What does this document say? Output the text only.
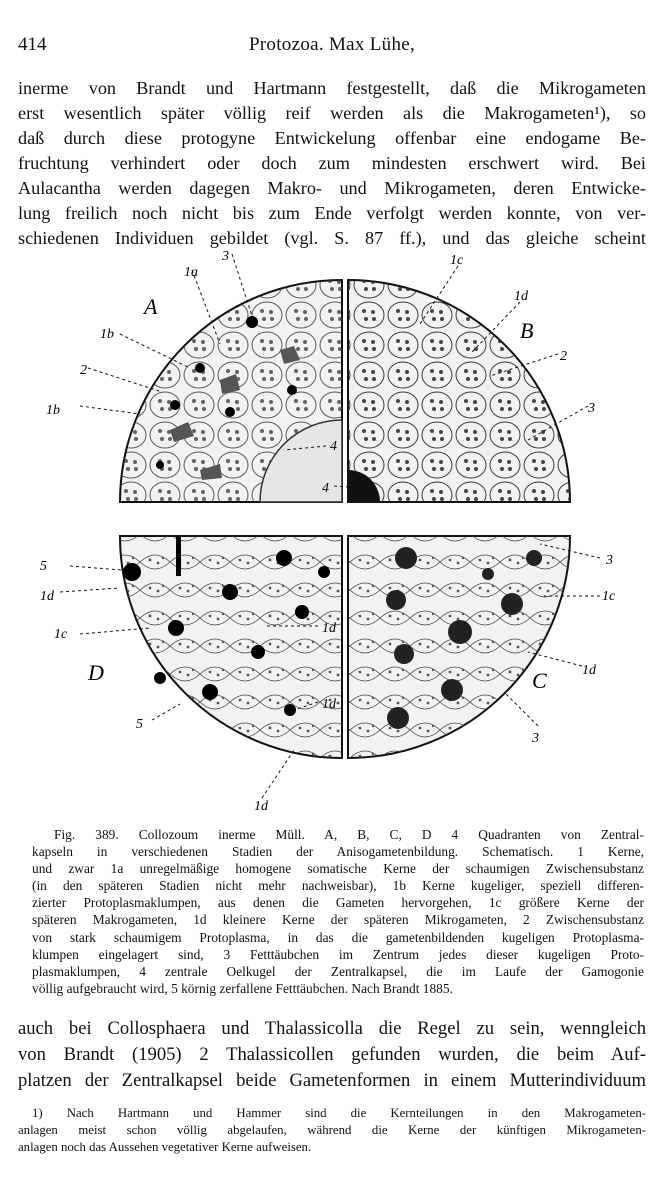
414	Protozoa. Max Lühe,
inerme von Brandt und Hartmann festgestellt, daß die Mikrogameten
erst wesentlich später völlig reif werden als die Makrogameten¹), so
daß durch diese protogyne Entwickelung offenbar eine endogame Be-
fruchtung verhindert oder doch zum mindesten erschwert wird. Bei
Aulacantha werden dagegen Makro- und Mikrogameten, deren Entwicke-
lung freilich noch nicht bis zum Ende verfolgt werden konnte, von ver-
schiedenen Individuen gebildet (vgl. S. 87 ff.), und das gleiche scheint
A
B
C
D
1a
3
1b
2
1b
4
4
1c
1d
2
3
5
1d
1c	1d
5
1d
1d
3
1c
1d
3
Fig. 389. Collozoum inerme Müll. A, B, C, D 4 Quadranten von Zentral-
kapseln in verschiedenen Stadien der Anisogametenbildung. Schematisch. 1 Kerne,
und zwar 1a unregelmäßige homogene somatische Kerne der schaumigen Zwischensubstanz
(in den späteren Stadien nicht mehr nachweisbar), 1b Kerne kugeliger, speziell differen-
zierter Protoplasmaklumpen, aus denen die Gameten hervorgehen, 1c größere Kerne der
späteren Makrogameten, 1d kleinere Kerne der späteren Mikrogameten, 2 Zwischensubstanz
von stark schaumigem Protoplasma, in das die gametenbildenden kugeligen Protoplasma-
klumpen eingelagert sind, 3 Fetttäubchen im Zentrum jedes dieser kugeligen Proto-
plasmaklumpen, 4 zentrale Oelkugel der Zentralkapsel, die im Laufe der Gamogonie
völlig aufgebraucht wird, 5 körnig zerfallene Fetttäubchen. Nach Brandt 1885.
auch bei Collosphaera und Thalassicolla die Regel zu sein, wenngleich
von Brandt (1905) 2 Thalassicollen gefunden wurden, die beim Auf-
platzen der Zentralkapsel beide Gametenformen in einem Mutterindividuum
1) Nach Hartmann und Hammer sind die Kernteilungen in den Makrogameten-
anlagen meist schon völlig abgelaufen, während die Kerne der künftigen Mikrogameten-
anlagen noch das Aussehen vegetativer Kerne aufweisen.
